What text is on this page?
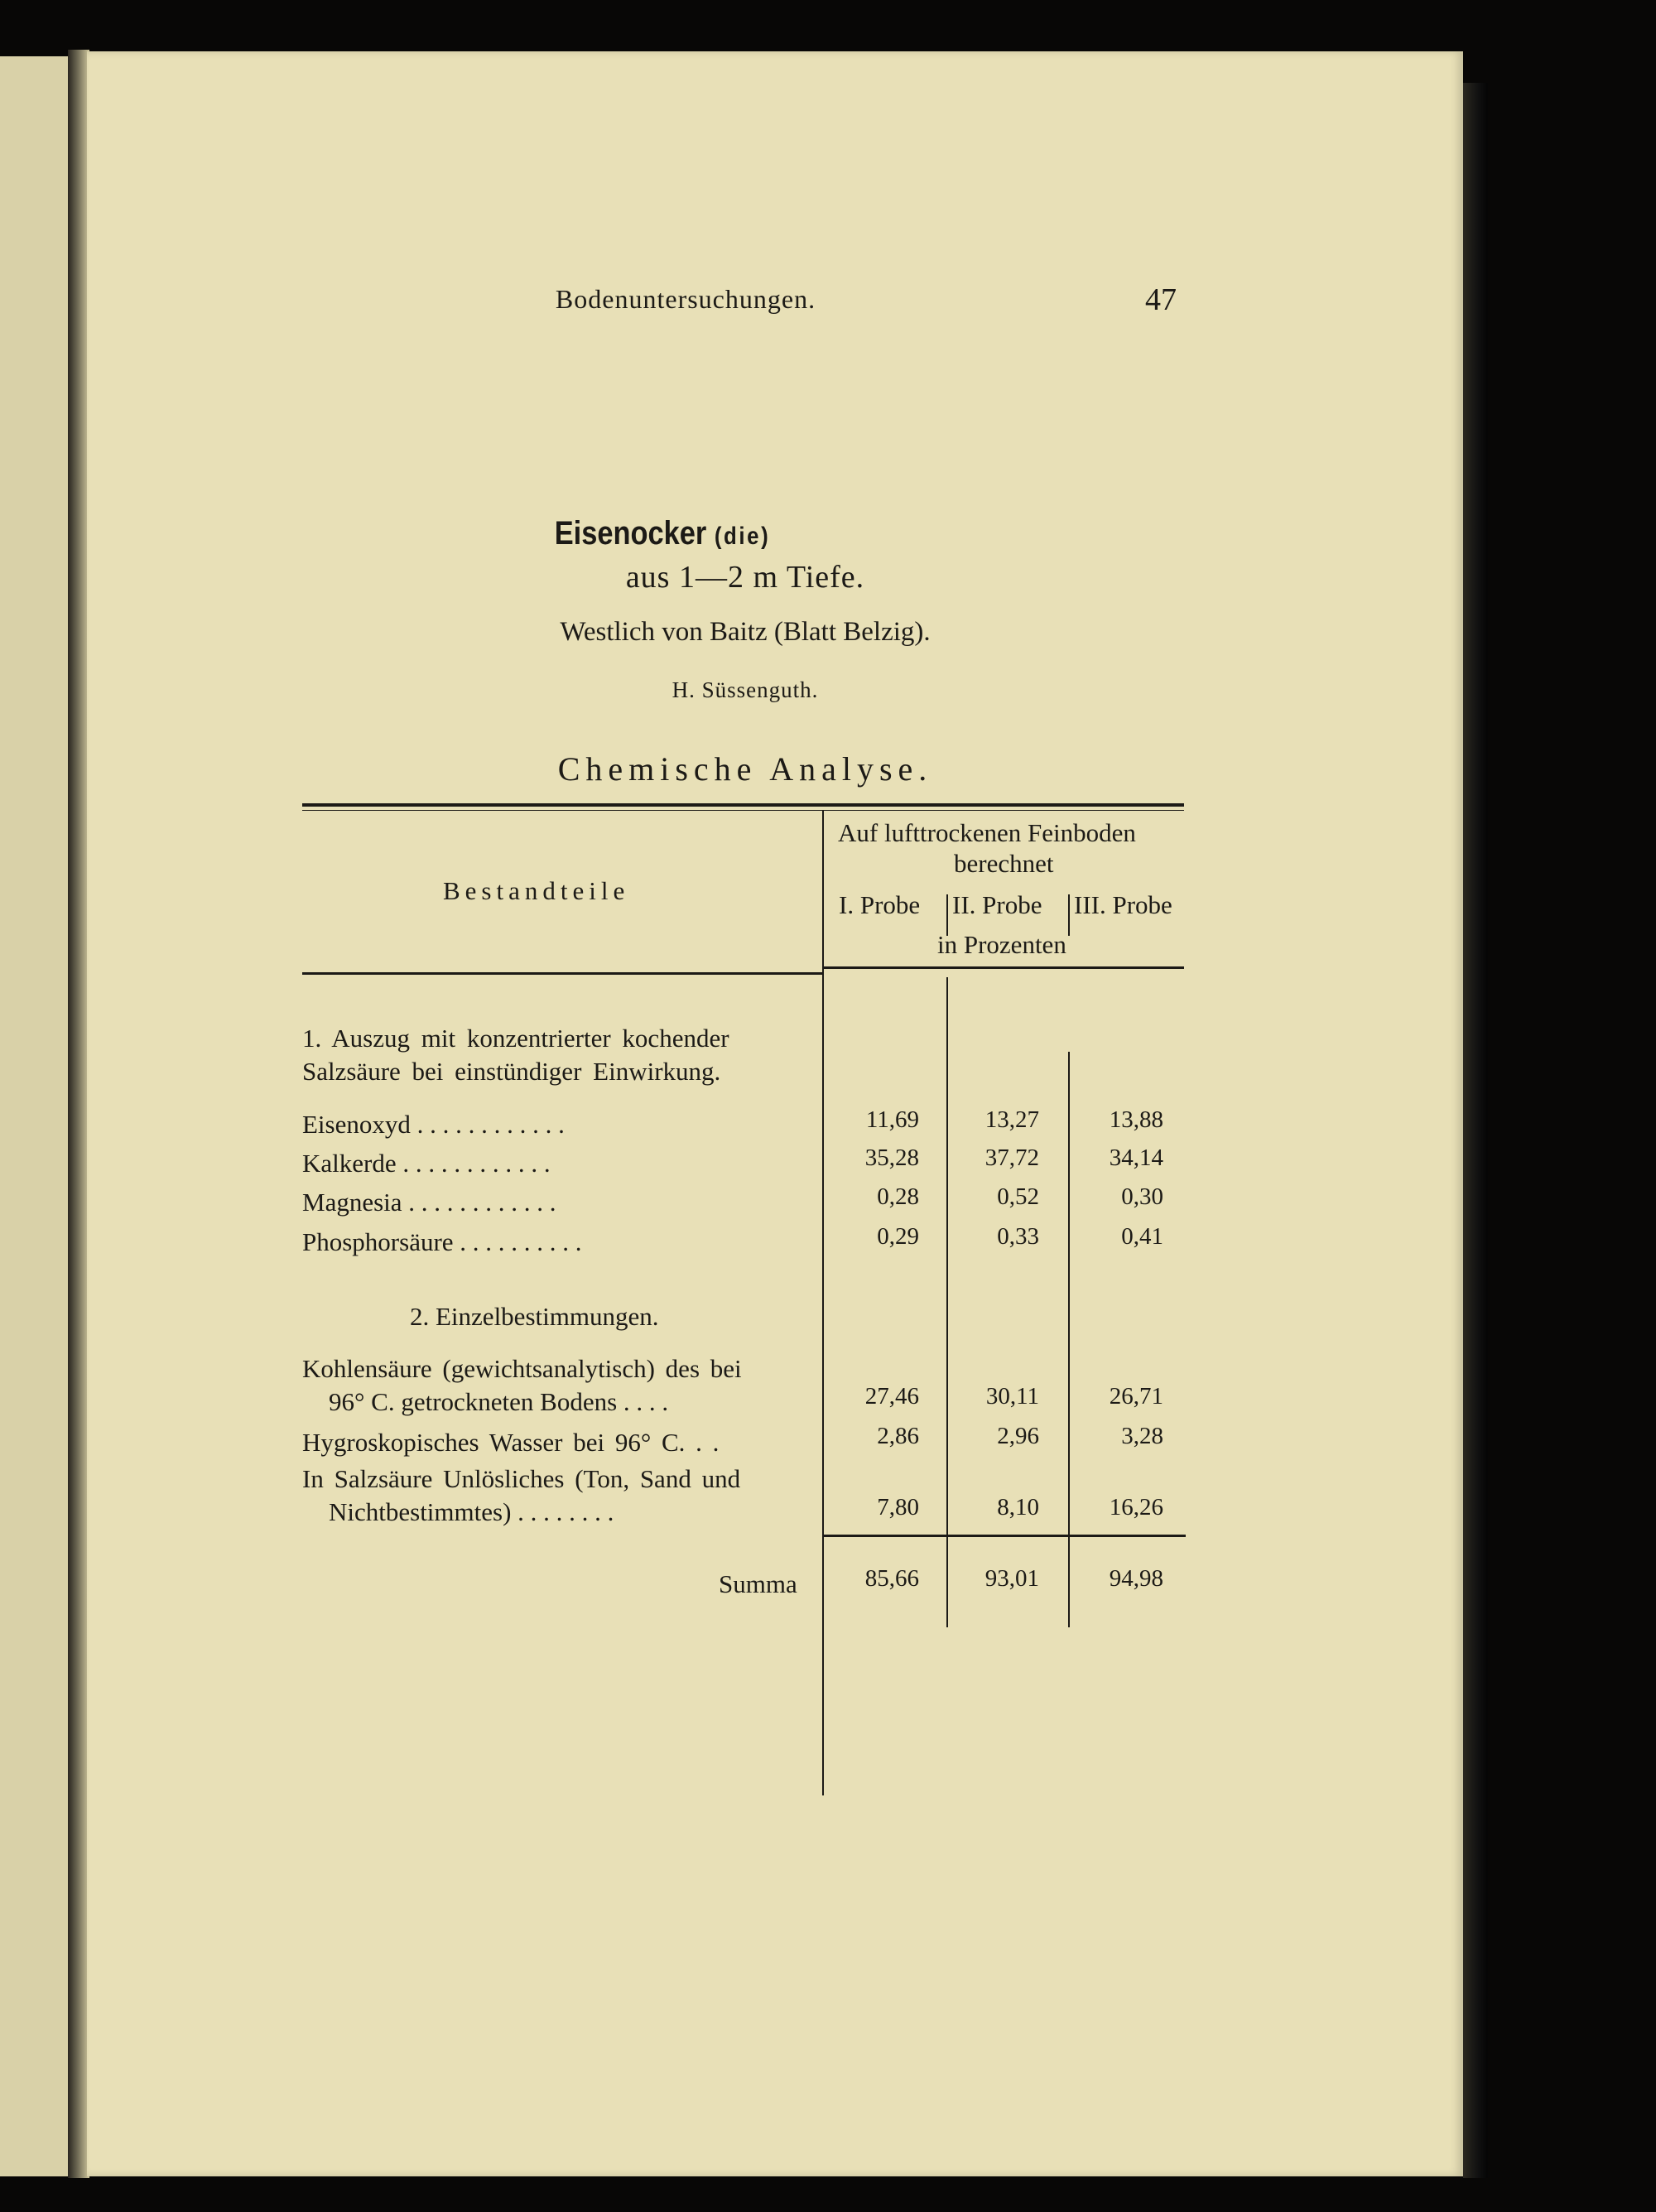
Bodenuntersuchungen.	47
Eisenocker (die)
aus 1—2 m Tiefe.
Westlich von Baitz (Blatt Belzig).
H. Süssenguth.
Chemische Analyse.
Bestandteile
Auf lufttrockenen Feinboden
berechnet
I. Probe II. Probe III. Probe
in Prozenten
1. Auszug mit konzentrierter kochender
Salzsäure bei einstündiger Einwirkung.
Eisenoxyd . . . . . . . . . . . .	11,69	13,27	13,88
Kalkerde . . . . . . . . . . . .	35,28	37,72	34,14
Magnesia . . . . . . . . . . . .	0,28	0,52	0,30
Phosphorsäure . . . . . . . . . .	0,29	0,33	0,41
2. Einzelbestimmungen.
Kohlensäure (gewichtsanalytisch) des bei
96° C. getrockneten Bodens . . . .	27,46	30,11	26,71
Hygroskopisches Wasser bei 96° C. . .	2,86	2,96	3,28
In Salzsäure Unlösliches (Ton, Sand und
Nichtbestimmtes) . . . . . . . .	7,80	8,10	16,26
Summa	85,66	93,01	94,98
